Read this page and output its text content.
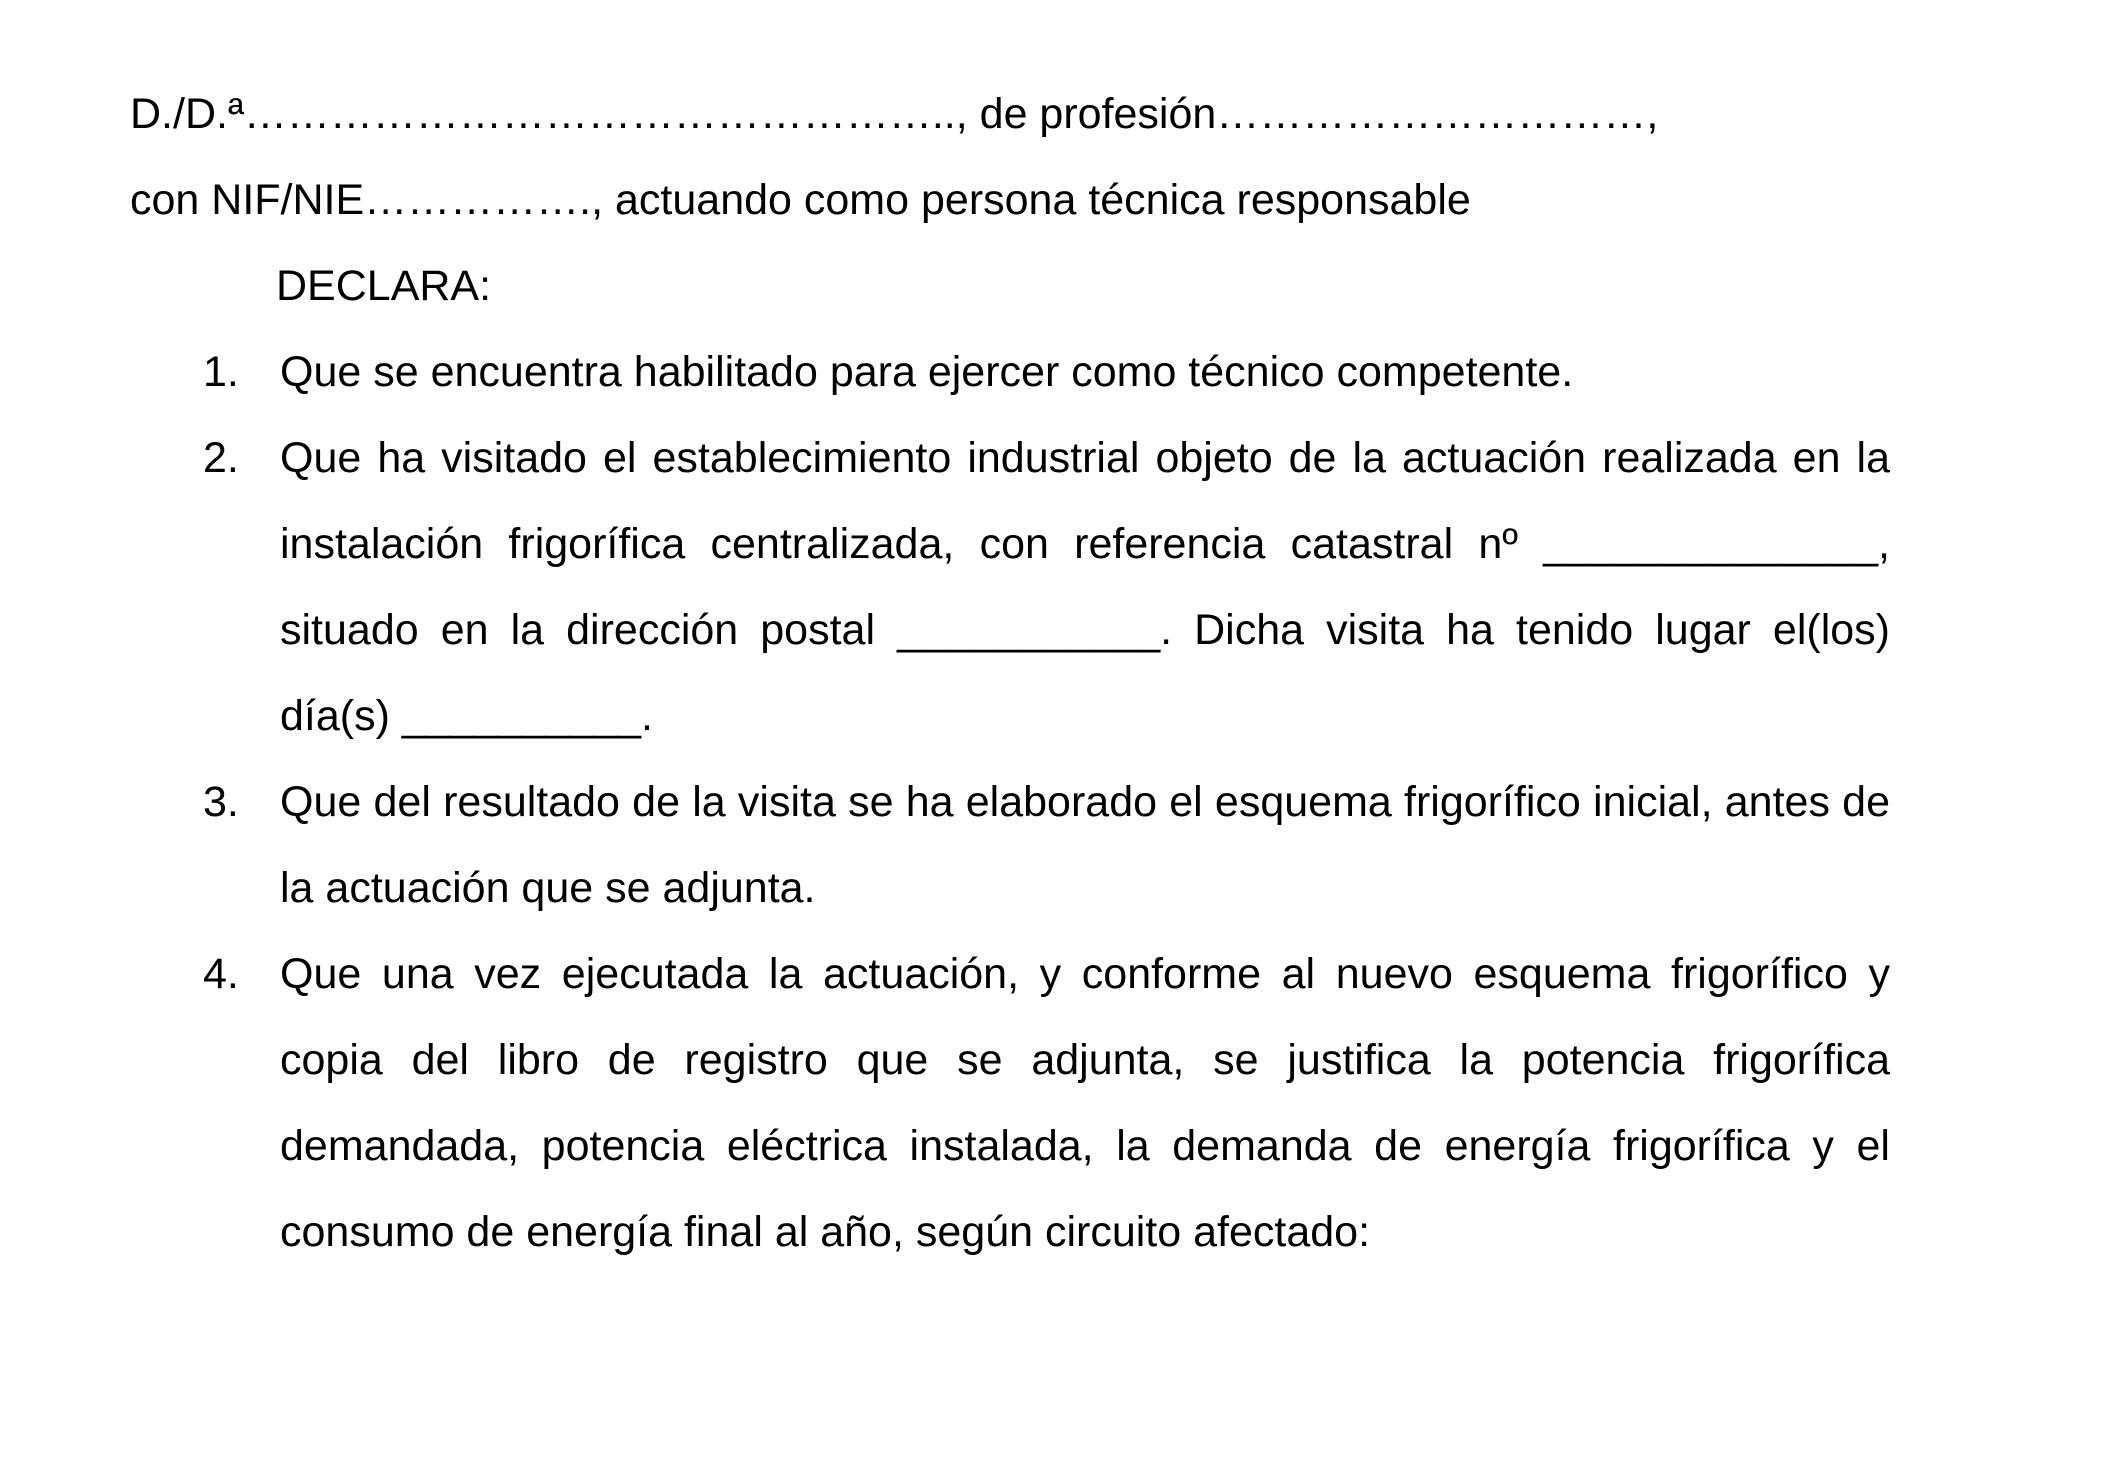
D./D.ª………………………………………….., de profesión…………………………,
con NIF/NIE……………., actuando como persona técnica responsable
DECLARA:
1. Que se encuentra habilitado para ejercer como técnico competente.
2. Que ha visitado el establecimiento industrial objeto de la actuación realizada en la instalación frigorífica centralizada, con referencia catastral nº ______________, situado en la dirección postal ___________. Dicha visita ha tenido lugar el(los) día(s) __________.
3. Que del resultado de la visita se ha elaborado el esquema frigorífico inicial, antes de la actuación que se adjunta.
4. Que una vez ejecutada la actuación, y conforme al nuevo esquema frigorífico y copia del libro de registro que se adjunta, se justifica la potencia frigorífica demandada, potencia eléctrica instalada, la demanda de energía frigorífica y el consumo de energía final al año, según circuito afectado:
